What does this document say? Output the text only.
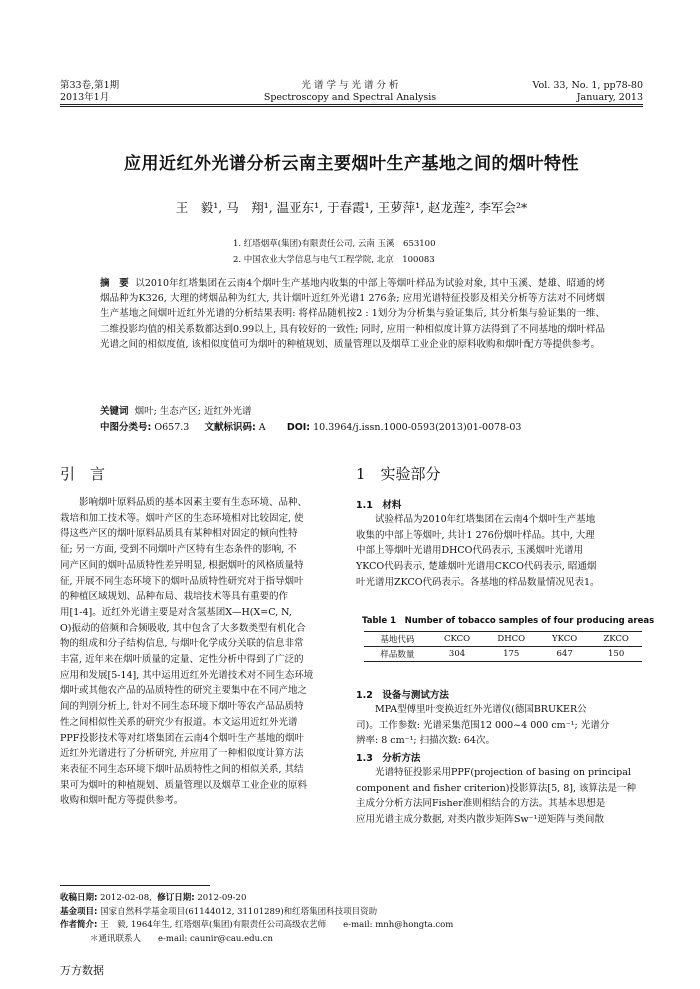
第33卷,第1期
2013年1月
光 谱 学 与 光 谱 分 析
Spectroscopy and Spectral Analysis
Vol. 33, No. 1, pp78-80
January, 2013
应用近红外光谱分析云南主要烟叶生产基地之间的烟叶特性
王　毅¹, 马　翔¹, 温亚东¹, 于春霞¹, 王萝萍¹, 赵龙莲², 李军会²*
1. 红塔烟草(集团)有限责任公司, 云南 玉溪　653100
2. 中国农业大学信息与电气工程学院, 北京　100083
摘　要 以2010年红塔集团在云南4个烟叶生产基地内收集的中部上等烟叶样品为试验对象, 其中玉溪、楚雄、昭通的烤烟品种为K326, 大理的烤烟品种为红大, 共计烟叶近红外光谱1 276条; 应用光谱特征投影及相关分析等方法对不同烤烟生产基地之间烟叶近红外光谱的分析结果表明: 将样品随机按2 : 1划分为分析集与验证集后, 其分析集与验证集的一维、二维投影均值的相关系数都达到0.99以上, 具有较好的一致性; 同时, 应用一种相似度计算方法得到了不同基地的烟叶样品光谱之间的相似度值, 该相似度值可为烟叶的种植规划、质量管理以及烟草工业企业的原料收购和烟叶配方等提供参考。
关键词 烟叶; 生态产区; 近红外光谱
中图分类号: O657.3 文献标识码: A DOI: 10.3964/j.issn.1000-0593(2013)01-0078-03
引　言
　　影响烟叶原料品质的基本因素主要有生态环境、品种、
栽培和加工技术等。烟叶产区的生态环境相对比较固定, 使
得这些产区的烟叶原料品质具有某种相对固定的倾向性特
征; 另一方面, 受到不同烟叶产区特有生态条件的影响, 不
同产区间的烟叶品质特性差异明显, 根据烟叶的风格质量特
征, 开展不同生态环境下的烟叶品质特性研究对于指导烟叶
的种植区域规划、品种布局、栽培技术等具有重要的作
用[1-4]。近红外光谱主要是对含氢基团X—H(X=C, N,
O)振动的倍频和合频吸收, 其中包含了大多数类型有机化合
物的组成和分子结构信息, 与烟叶化学成分关联的信息非常
丰富, 近年来在烟叶质量的定量、定性分析中得到了广泛的
应用和发展[5-14], 其中运用近红外光谱技术对不同生态环境
烟叶或其他农产品的品质特性的研究主要集中在不同产地之
间的判别分析上, 针对不同生态环境下烟叶等农产品品质特
性之间相似性关系的研究少有报道。本文运用近红外光谱
PPF投影技术等对红塔集团在云南4个烟叶生产基地的烟叶
近红外光谱进行了分析研究, 并应用了一种相似度计算方法
来表征不同生态环境下烟叶品质特性之间的相似关系, 其结
果可为烟叶的种植规划、质量管理以及烟草工业企业的原料
收购和烟叶配方等提供参考。
1　实验部分
1.1　材料
　　试验样品为2010年红塔集团在云南4个烟叶生产基地
收集的中部上等烟叶, 共计1 276份烟叶样品。其中, 大理
中部上等烟叶光谱用DHCO代码表示, 玉溪烟叶光谱用
YKCO代码表示, 楚雄烟叶光谱用CKCO代码表示, 昭通烟
叶光谱用ZKCO代码表示。各基地的样品数量情况见表1。
Table 1　Number of tobacco samples of four producing areas
基地代码	CKCO	DHCO	YKCO	ZKCO
样品数量	304	175	647	150
1.2　设备与测试方法
　　MPA型傅里叶变换近红外光谱仪(德国BRUKER公
司)。工作参数: 光谱采集范围12 000~4 000 cm⁻¹; 光谱分
辨率: 8 cm⁻¹; 扫描次数: 64次。
1.3　分析方法
　　光谱特征投影采用PPF(projection of basing on principal
component and fisher criterion)投影算法[5, 8], 该算法是一种
主成分分析方法同Fisher准则相结合的方法。其基本思想是
应用光谱主成分数据, 对类内散步矩阵Sw⁻¹逆矩阵与类间散
收稿日期: 2012-02-08, 修订日期: 2012-09-20
基金项目: 国家自然科学基金项目(61144012, 31101289)和红塔集团科技项目资助
作者简介: 王　毅, 1964年生, 红塔烟草(集团)有限责任公司高级农艺师　　e-mail: mnh@hongta.com
＊通讯联系人　　e-mail: caunir@cau.edu.cn
万方数据
